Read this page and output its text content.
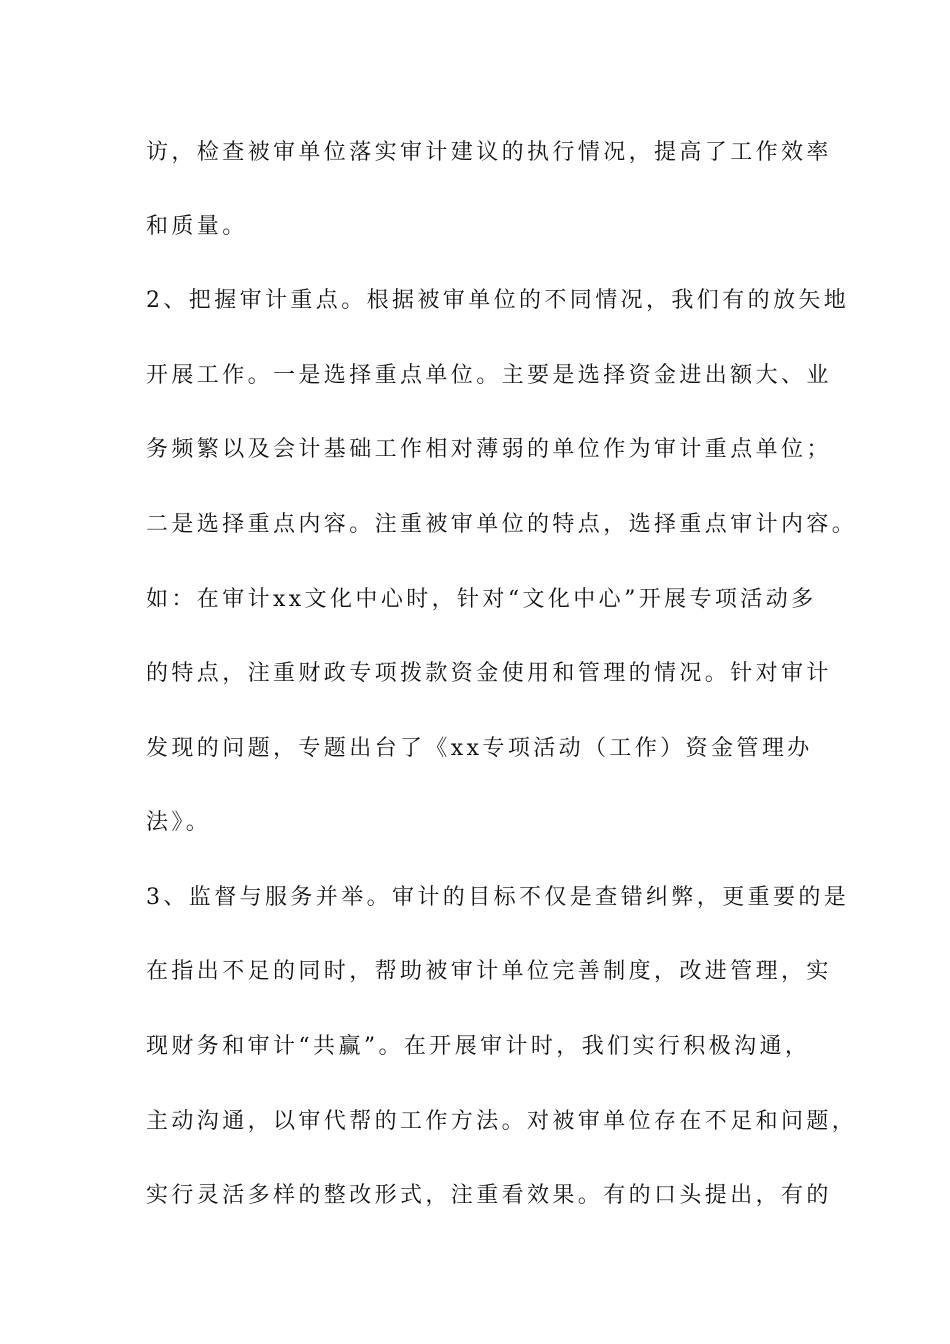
访，检查被审单位落实审计建议的执行情况，提高了工作效率
和质量。
2、把握审计重点。根据被审单位的不同情况，我们有的放矢地
开展工作。一是选择重点单位。主要是选择资金进出额大、业
务频繁以及会计基础工作相对薄弱的单位作为审计重点单位；
二是选择重点内容。注重被审单位的特点，选择重点审计内容。
如：在审计xx文化中心时，针对“文化中心”开展专项活动多
的特点，注重财政专项拨款资金使用和管理的情况。针对审计
发现的问题，专题出台了《xx专项活动（工作）资金管理办
法》。
3、监督与服务并举。审计的目标不仅是查错纠弊，更重要的是
在指出不足的同时，帮助被审计单位完善制度，改进管理，实
现财务和审计“共赢”。在开展审计时，我们实行积极沟通，
主动沟通，以审代帮的工作方法。对被审单位存在不足和问题，
实行灵活多样的整改形式，注重看效果。有的口头提出，有的
